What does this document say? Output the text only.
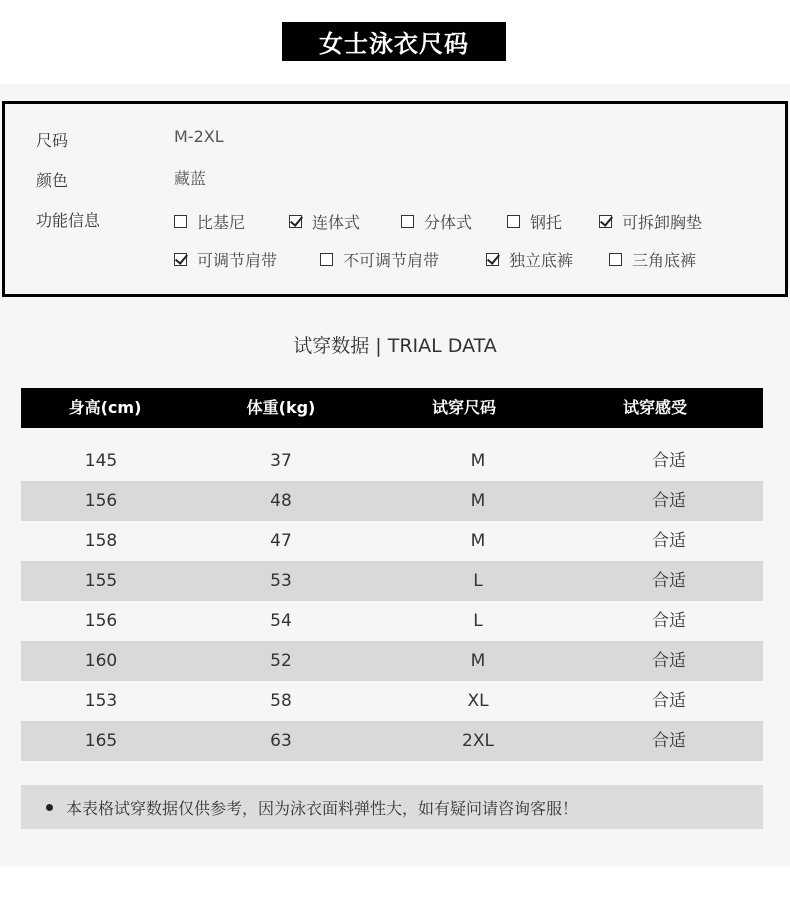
女士泳衣尺码
尺码	M-2XL
颜色	藏蓝
功能信息	比基尼	连体式	分体式	钢托	可拆卸胸垫
可调节肩带	不可调节肩带	独立底裤	三角底裤
试穿数据 | TRIAL DATA
身高(cm)	体重(kg)	试穿尺码	试穿感受
145	37	M	合适
156	48	M	合适
158	47	M	合适
155	53	L	合适
156	54	L	合适
160	52	M	合适
153	58	XL	合适
165	63	2XL	合适
本表格试穿数据仅供参考，因为泳衣面料弹性大，如有疑问请咨询客服！
